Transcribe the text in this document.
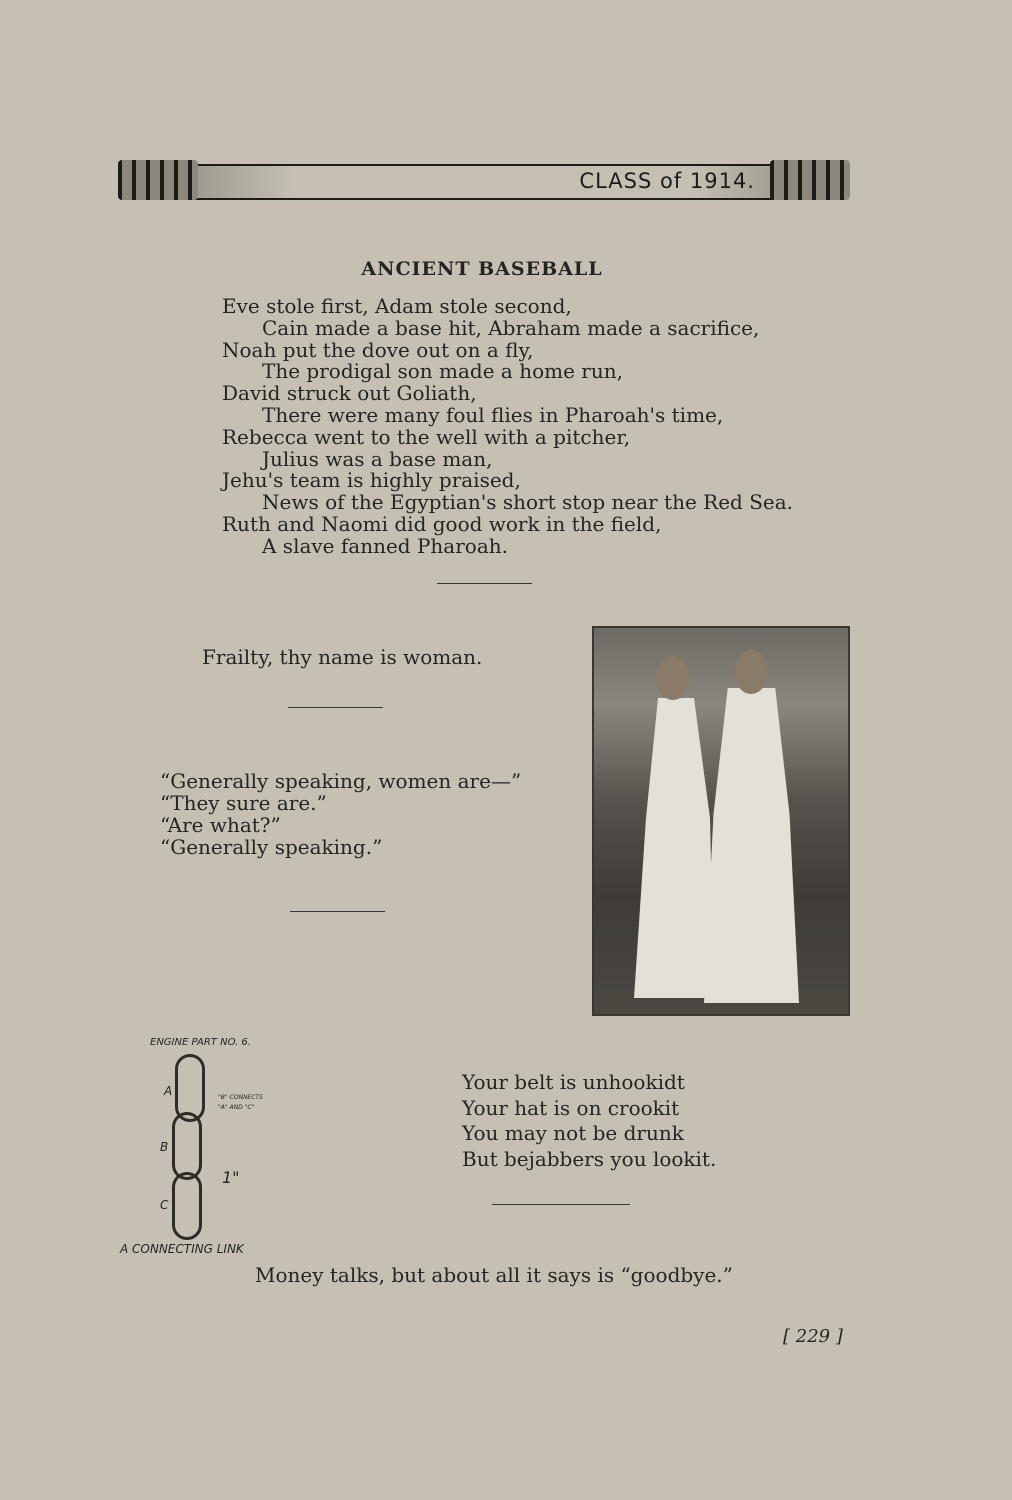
CLASS of 1914.
ANCIENT BASEBALL
Eve stole first, Adam stole second,
Cain made a base hit, Abraham made a sacrifice,
Noah put the dove out on a fly,
The prodigal son made a home run,
David struck out Goliath,
There were many foul flies in Pharoah's time,
Rebecca went to the well with a pitcher,
Julius was a base man,
Jehu's team is highly praised,
News of the Egyptian's short stop near the Red Sea.
Ruth and Naomi did good work in the field,
A slave fanned Pharoah.
Frailty, thy name is woman.
“Generally speaking, women are—”
“They sure are.”
“Are what?”
“Generally speaking.”
ENGINE PART NO. 6.
A
B
C
"B" CONNECTS
"A" AND "C"
1"
A CONNECTING LINK
Your belt is unhookidt
Your hat is on crookit
You may not be drunk
But bejabbers you lookit.
Money talks, but about all it says is “goodbye.”
[ 229 ]
